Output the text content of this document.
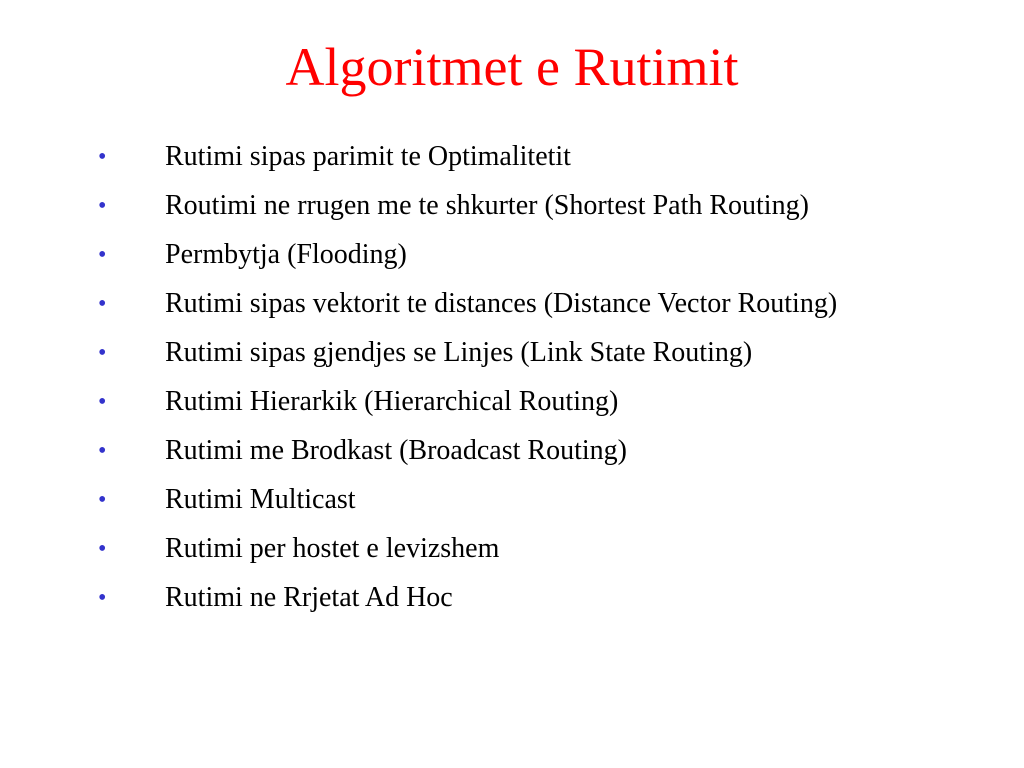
Algoritmet e Rutimit
• Rutimi sipas parimit te Optimalitetit
• Routimi ne rrugen me te shkurter (Shortest Path Routing)
• Permbytja (Flooding)
• Rutimi sipas vektorit te distances (Distance Vector Routing)
• Rutimi sipas gjendjes se Linjes (Link State Routing)
• Rutimi Hierarkik (Hierarchical Routing)
• Rutimi me Brodkast (Broadcast Routing)
• Rutimi Multicast
• Rutimi per hostet e levizshem
• Rutimi ne Rrjetat Ad Hoc
